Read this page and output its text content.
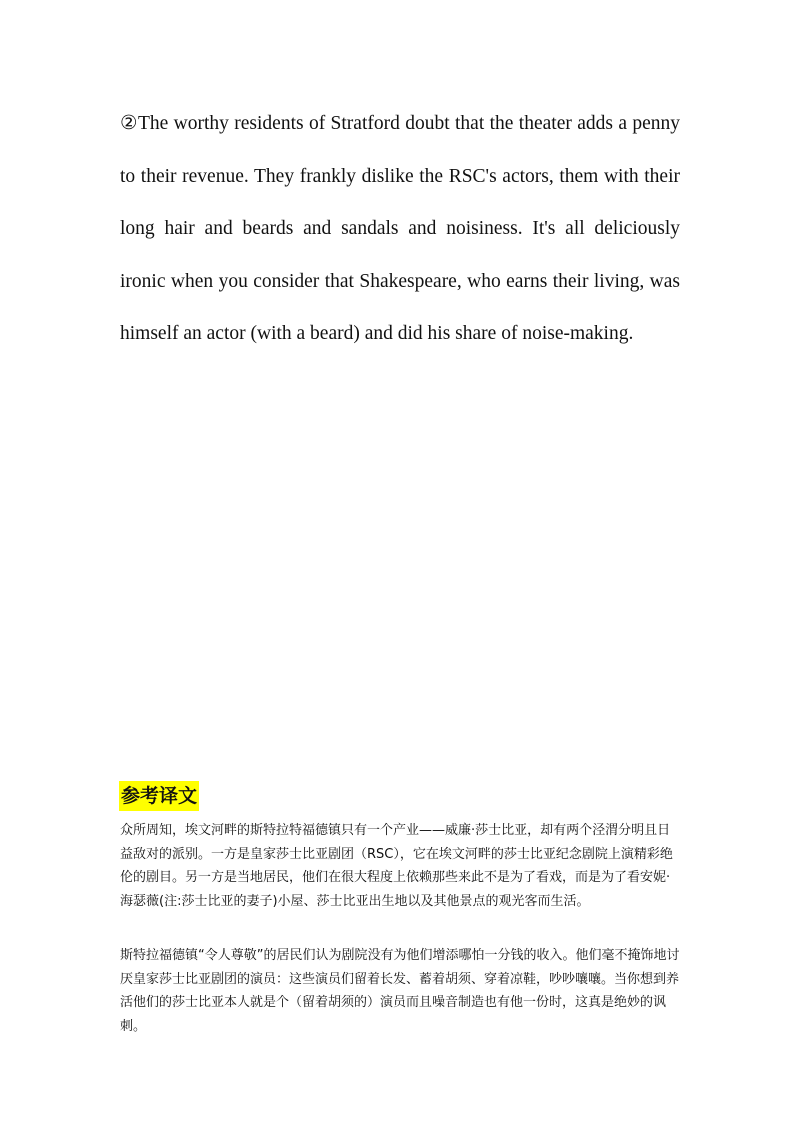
②The worthy residents of Stratford doubt that the theater adds a penny to their revenue. They frankly dislike the RSC's actors, them with their long hair and beards and sandals and noisiness. It's all deliciously ironic when you consider that Shakespeare, who earns their living, was himself an actor (with a beard) and did his share of noise-making.

参考译文

众所周知，埃文河畔的斯特拉特福德镇只有一个产业——威廉·莎士比亚，却有两个泾渭分明且日益敌对的派别。一方是皇家莎士比亚剧团（RSC），它在埃文河畔的莎士比亚纪念剧院上演精彩绝伦的剧目。另一方是当地居民，他们在很大程度上依赖那些来此不是为了看戏，而是为了看安妮·海瑟薇(注:莎士比亚的妻子)小屋、莎士比亚出生地以及其他景点的观光客而生活。

斯特拉福德镇“令人尊敬”的居民们认为剧院没有为他们增添哪怕一分钱的收入。他们毫不掩饰地讨厌皇家莎士比亚剧团的演员：这些演员们留着长发、蓄着胡须、穿着凉鞋，吵吵嚷嚷。当你想到养活他们的莎士比亚本人就是个（留着胡须的）演员而且噪音制造也有他一份时，这真是绝妙的讽刺。
